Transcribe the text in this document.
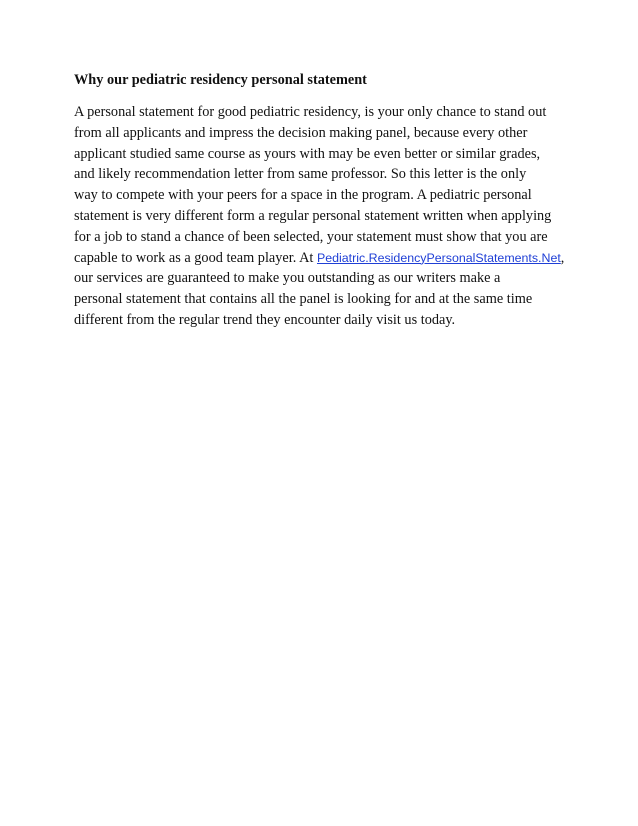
Why our pediatric residency personal statement
A personal statement for good pediatric residency, is your only chance to stand out
from all applicants and impress the decision making panel, because every other
applicant studied same course as yours with may be even better or similar grades,
and likely recommendation letter from same professor. So this letter is the only
way to compete with your peers for a space in the program. A pediatric personal
statement is very different form a regular personal statement written when applying
for a job to stand a chance of been selected, your statement must show that you are
capable to work as a good team player. At Pediatric.ResidencyPersonalStatements.Net,
our services are guaranteed to make you outstanding as our writers make a
personal statement that contains all the panel is looking for and at the same time
different from the regular trend they encounter daily visit us today.
